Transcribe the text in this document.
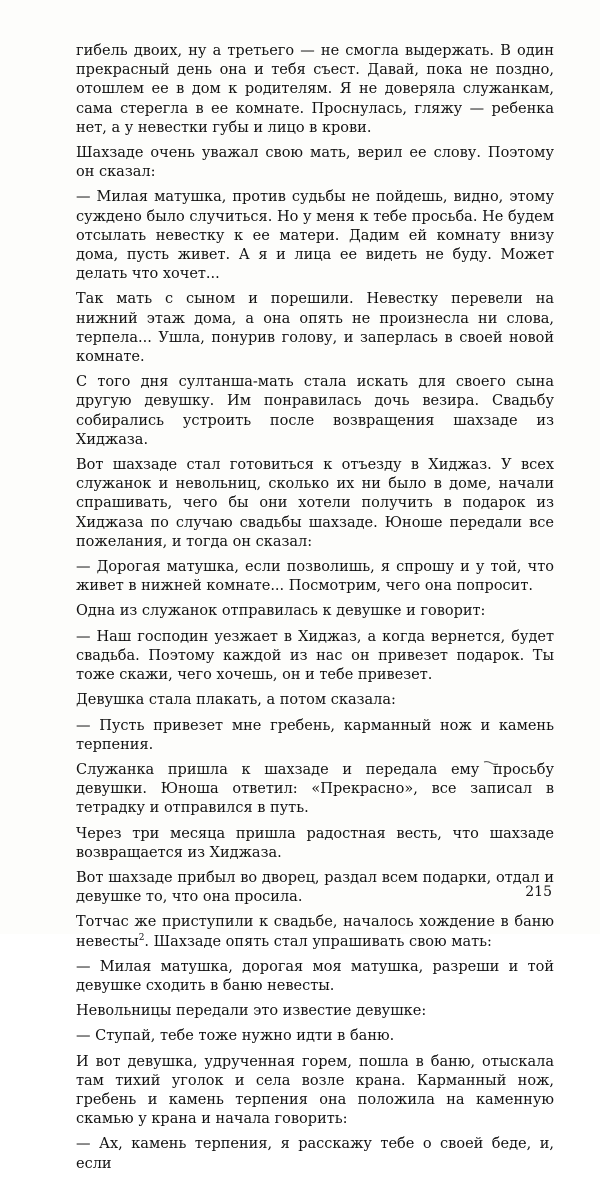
гибель двоих, ну а третьего — не смогла выдержать. В один прекрасный день она и тебя съест. Давай, пока не поздно, отошлем ее в дом к родителям. Я не доверяла служанкам, сама стерегла в ее комнате. Проснулась, гляжу — ребенка нет, а у невестки губы и лицо в крови.

Шахзаде очень уважал свою мать, верил ее слову. Поэтому он сказал:

— Милая матушка, против судьбы не пойдешь, видно, этому суждено было случиться. Но у меня к тебе просьба. Не будем отсылать невестку к ее матери. Дадим ей комнату внизу дома, пусть живет. А я и лица ее видеть не буду. Может делать что хочет...

Так мать с сыном и порешили. Невестку перевели на нижний этаж дома, а она опять не произнесла ни слова, терпела... Ушла, понурив голову, и заперлась в своей новой комнате.

С того дня султанша-мать стала искать для своего сына другую девушку. Им понравилась дочь везира. Свадьбу собирались устроить после возвращения шахзаде из Хиджаза.

Вот шахзаде стал готовиться к отъезду в Хиджаз. У всех служанок и невольниц, сколько их ни было в доме, начали спрашивать, чего бы они хотели получить в подарок из Хиджаза по случаю свадьбы шахзаде. Юноше передали все пожелания, и тогда он сказал:

— Дорогая матушка, если позволишь, я спрошу и у той, что живет в нижней комнате... Посмотрим, чего она попросит.

Одна из служанок отправилась к девушке и говорит:

— Наш господин уезжает в Хиджаз, а когда вернется, будет свадьба. Поэтому каждой из нас он привезет подарок. Ты тоже скажи, чего хочешь, он и тебе привезет.

Девушка стала плакать, а потом сказала:

— Пусть привезет мне гребень, карманный нож и камень терпения.

Служанка пришла к шахзаде и передала ему просьбу девушки. Юноша ответил: «Прекрасно», все записал в тетрадку и отправился в путь.

Через три месяца пришла радостная весть, что шахзаде возвращается из Хиджаза.

Вот шахзаде прибыл во дворец, раздал всем подарки, отдал и девушке то, что она просила.

Тотчас же приступили к свадьбе, началось хождение в баню невесты$^2$. Шахзаде опять стал упрашивать свою мать:

— Милая матушка, дорогая моя матушка, разреши и той девушке сходить в баню невесты.

Невольницы передали это известие девушке:

— Ступай, тебе тоже нужно идти в баню.

И вот девушка, удрученная горем, пошла в баню, отыскала там тихий уголок и села возле крана. Карманный нож, гребень и камень терпения она положила на каменную скамью у крана и начала говорить:

— Ах, камень терпения, я расскажу тебе о своей беде, и, если

215
